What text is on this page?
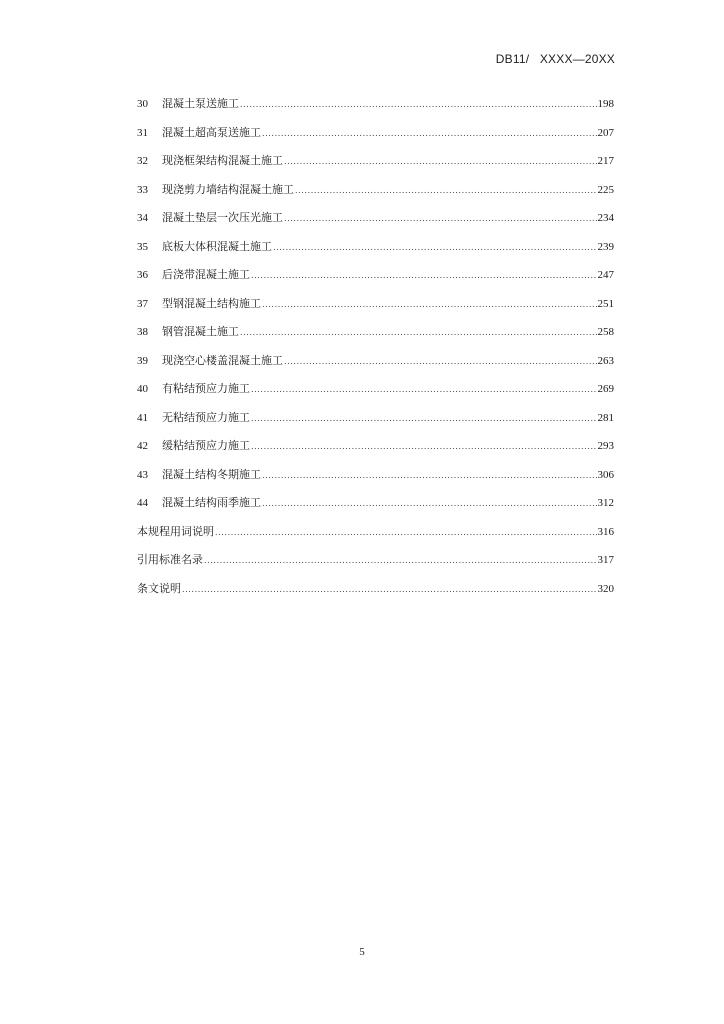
DB11/   XXXX—20XX
30	混凝土泵送施工 .....	198
31	混凝土超高泵送施工 .....	207
32	现浇框架结构混凝土施工 .....	217
33	现浇剪力墙结构混凝土施工 .....	225
34	混凝土垫层一次压光施工 .....	234
35	底板大体积混凝土施工 .....	239
36	后浇带混凝土施工 .....	247
37	型钢混凝土结构施工 .....	251
38	钢管混凝土施工 .....	258
39	现浇空心楼盖混凝土施工 .....	263
40	有粘结预应力施工 .....	269
41	无粘结预应力施工 .....	281
42	缓粘结预应力施工 .....	293
43	混凝土结构冬期施工 .....	306
44	混凝土结构雨季施工 .....	312
本规程用词说明 .....	316
引用标准名录 .....	317
条文说明 .....	320
5
